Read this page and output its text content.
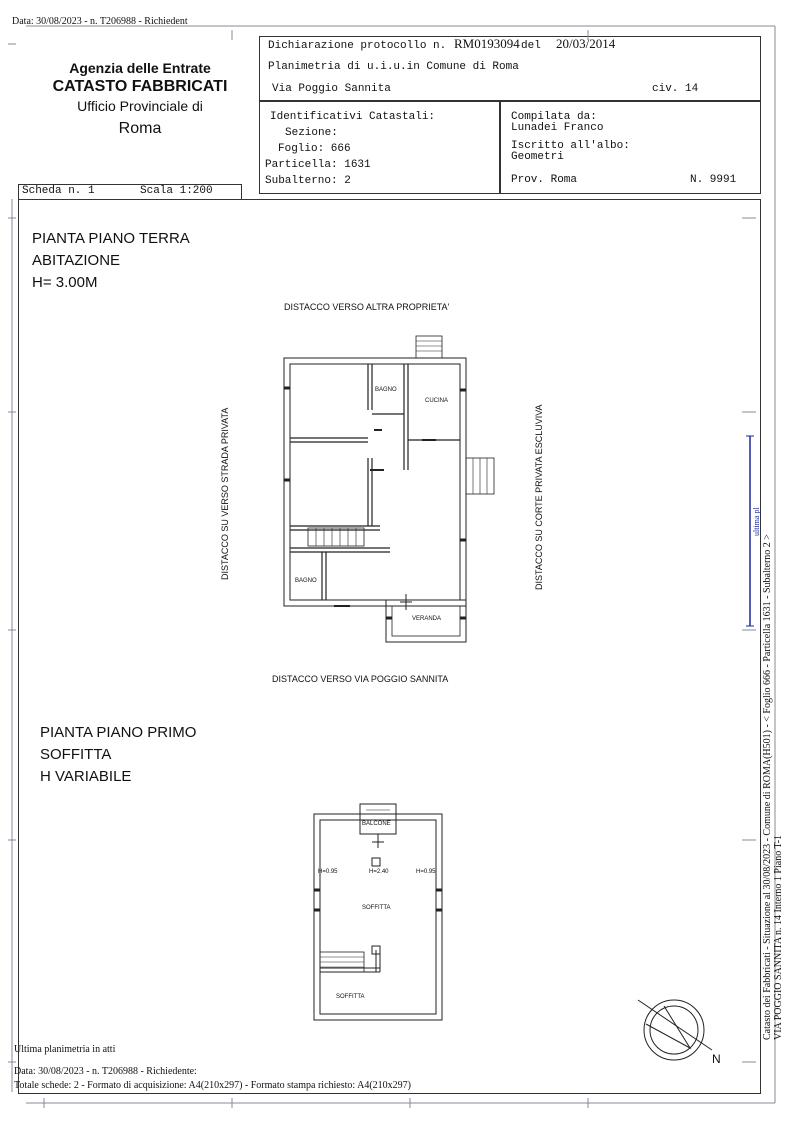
Data: 30/08/2023 - n. T206988 - Richiedent
Agenzia delle Entrate
CATASTO FABBRICATI
Ufficio Provinciale di
Roma
Dichiarazione protocollo n. RM0193094 del 20/03/2014
Planimetria di u.i.u.in Comune di Roma
Via Poggio Sannita	civ. 14
Identificativi Catastali:
Sezione:
Foglio: 666
Particella: 1631
Subalterno: 2
Compilata da:
Lunadei Franco
Iscritto all'albo:
Geometri
Prov. Roma	N. 9991
Scheda n. 1	Scala 1:200
PIANTA PIANO TERRA
ABITAZIONE
H= 3.00M
DISTACCO VERSO ALTRA PROPRIETA'
DISTACCO VERSO VIA POGGIO SANNITA
DISTACCO SU VERSO STRADA PRIVATA	DISTACCO SU CORTE PRIVATA ESCLUVIVA
BAGNO
CUCINA
BAGNO
VERANDA
PIANTA PIANO PRIMO
SOFFITTA
H VARIABILE
BALCONE
H=0.95	H=2.40	H=0.95
SOFFITTA
SOFFITTA
N
Catasto dei Fabbricati - Situazione al 30/08/2023 - Comune di ROMA(H501) - < Foglio 666 - Particella 1631 - Subalterno 2 > VIA POGGIO SANNITA n. 14 Interno 1 Piano T-1
ultima pl
Ultima planimetria in atti
Data: 30/08/2023 - n. T206988 - Richiedente:
Totale schede: 2 - Formato di acquisizione: A4(210x297) - Formato stampa richiesto: A4(210x297)
